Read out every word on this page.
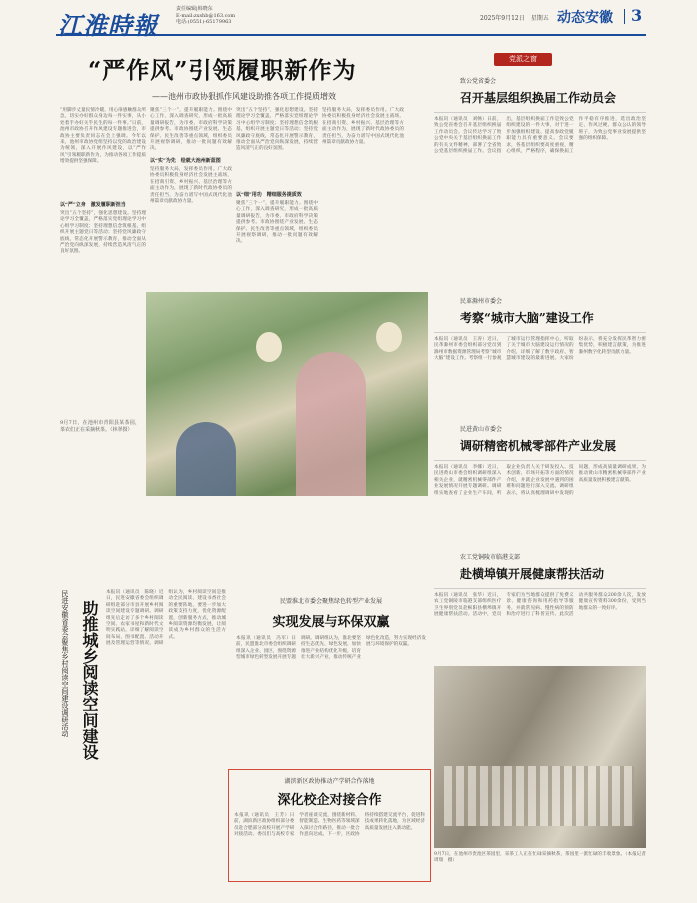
江淮時報
责任编辑|韩晓东
E-mail:zxshb@163.com
电话:(0551)-65179963	2025年9月12日　星期五 动态安徽 3
“严作风”引领履职新作为
——池州市政协狠抓作风建设助推各项工作提质增效
“用脚步丈量民情冷暖，用心扉感触群众所急，切实办好群众身边每一件实事，从小处着手办好关乎民生的每一件事。”日前，池州市政协召开作风建设专题推进会，市政协主要负责同志在会上强调。今年以来，池州市政协党组坚持以党的政治建设为统领，深入开展作风建设，以“严作风”引领履职新作为，为推动各项工作提质增效提供坚强保障。
以“严”立身　激发履职新担当
突出“五个坚持”，强化思想建设。坚持理论学习全覆盖，严格落实党组理论学习中心组学习制度；坚持理想信念筑根基，组织开展主题党日等活动；坚持党风廉政守底线，常态化开展警示教育，推动全面从严治党向纵深发展，持续营造风清气正的良好氛围。
聚焦“三个一”，提升履职能力。围绕中心工作，深入调查研究，形成一批高质量调研报告，为市委、市政府科学决策提供参考。市政协围绕产业发展、生态保护、民生改善等重点领域，组织委员开展视察调研，推动一批问题有效解决。
以“实”为先　绘就大池州新蓝图
坚持服务大局，发挥委员作用。广大政协委员积极投身经济社会发展主战场，在招商引资、乡村振兴、基层治理等方面主动作为，展现了新时代政协委员的责任担当，为奋力谱写中国式现代化池州篇章贡献政协力量。
突出“五个坚持”，强化思想建设。坚持理论学习全覆盖，严格落实党组理论学习中心组学习制度；坚持理想信念筑根基，组织开展主题党日等活动；坚持党风廉政守底线，常态化开展警示教育，推动全面从严治党向纵深发展，持续营造风清气正的良好氛围。
以“细”用功　精细服务提质效
聚焦“三个一”，提升履职能力。围绕中心工作，深入调查研究，形成一批高质量调研报告，为市委、市政府科学决策提供参考。市政协围绕产业发展、生态保护、民生改善等重点领域，组织委员开展视察调研，推动一批问题有效解决。
坚持服务大局，发挥委员作用。广大政协委员积极投身经济社会发展主战场，在招商引资、乡村振兴、基层治理等方面主动作为，展现了新时代政协委员的责任担当，为奋力谱写中国式现代化池州篇章贡献政协力量。
9月7日，在池州市青阳县某茶园，茶农们正在采摘秋茶。（林翠摄）
党派之窗
致公党省委会
召开基层组织换届工作动员会
本报讯（通讯员　刘畅）日前，致公党省委会召开基层组织换届工作动员会。会议传达学习了致公党中央关于基层组织换届工作的有关文件精神，部署了全省致公党基层组织换届工作。会议指出，基层组织换届工作是致公党组织建设的一件大事，对于进一步加强组织建设、提高参政党履职能力具有重要意义。会议要求，各基层组织要高度重视，精心组织，严格程序，确保换届工作平稳有序推进，选出政治坚定、作风过硬、群众公认的领导班子，为致公党事业发展提供坚强的组织保障。
民革滁州市委会
考察“城市大脑”建设工作
本报讯（通讯员　王涛）近日，民革滁州市委会组织部分党员到滁州市数据资源管理局考察“城市大脑”建设工作。考察组一行参观了城市运行管理指挥中心，听取了关于城市大脑建设运行情况的介绍，详细了解了数字政府、智慧城市建设的最新进展。大家纷纷表示，将充分发挥民革智力密集优势，积极建言献策，为推进滁州数字化转型贡献力量。
民进黄山市委会
调研精密机械零部件产业发展
本报讯（通讯员　李娜）近日，民进黄山市委会组织调研组深入相关企业，就精密机械零部件产业发展情况开展专题调研。调研组实地查看了企业生产车间，听取企业负责人关于研发投入、技术创新、市场开拓等方面的情况介绍，并就企业发展中遇到的困难和问题进行深入交流。调研组表示，将认真梳理调研中发现的问题，形成高质量调研成果，为推动黄山市精密机械零部件产业高质量发展积极建言献策。
农工党铜陵市临港支部
赴横埠镇开展健康帮扶活动
本报讯（通讯员　张华）近日，农工党铜陵市临港支部组织医疗卫生界别党员赴枞阳县横埠镇开展健康帮扶活动。活动中，党员专家们为当地群众提供了免费义诊、健康咨询和用药指导等服务，并就常见病、慢性病的预防和治疗进行了科普宣传。此次活动共服务群众200余人次，发放健康宣传资料300余份，受到当地群众的一致好评。
9月7日，在池州市贵池区茶园里，采茶工人正在忙碌采摘秋茶，茶园里一派忙碌的丰收景象。（本报记者　周瑞　摄）
民进安徽省委会聚焦乡村阅读空间建设调研活动 助推城乡阅读空间建设
本报讯（通讯员　陈晓）近日，民进安徽省委会组织调研组赴部分市县开展乡村阅读空间建设专题调研。调研组先后走访了多个乡村阅读空间、农家书屋和新时代文明实践站，详细了解阅读空间布局、图书配置、活动开展及管理运营等情况。调研组认为，乡村阅读空间是推动全民阅读、建设书香社会的重要阵地，要进一步加大政策支持力度，优化资源配置，创新服务方式，推动城乡阅读资源均衡发展，让阅读成为乡村群众的生活方式。
民盟淮北市委会聚焦绿色转型产业发展
实现发展与环保双赢
本报讯（通讯员　冯军）日前，民盟淮北市委会组织调研组深入企业、园区，围绕资源型城市绿色转型发展开展专题调研。调研组认为，淮北要坚持生态优先、绿色发展，加快推进产业结构优化升级，培育壮大新兴产业，推动传统产业绿色化改造，努力实现经济发展与环境保护的双赢。
湖滨新区政协推动产学研合作落地
深化校企对接合作
本报讯（通讯员　王芳）日前，湖滨新区政协组织部分委员赴合肥部分高校开展产学研对接活动。委员们与高校专家学者座谈交流，围绕新材料、智能制造、生物医药等领域深入探讨合作路径，推动一批合作意向达成。下一步，区政协将持续搭建交流平台，促进科技成果转化落地，为区域经济高质量发展注入新动能。
